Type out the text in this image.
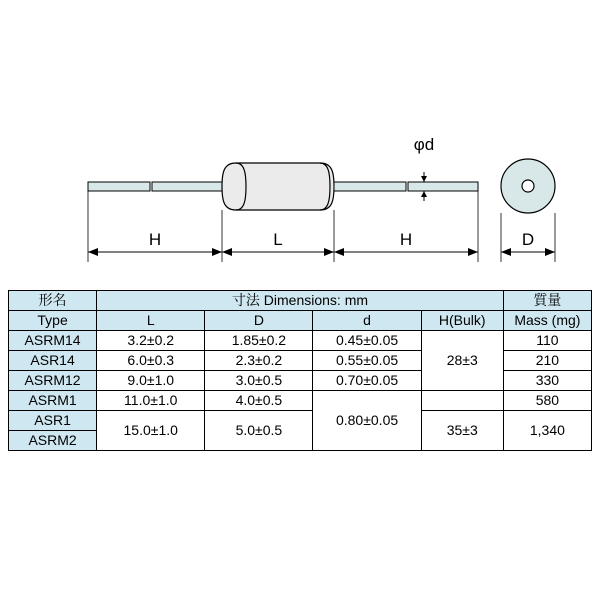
φd
H	L	H	D
形名	寸法 Dimensions: mm				質量
Type	L	D	d	H(Bulk)	Mass (mg)
ASRM14	3.2±0.2	1.85±0.2	0.45±0.05	28±3	110
ASR14	6.0±0.3	2.3±0.2	0.55±0.05		210
ASRM12	9.0±1.0	3.0±0.5	0.70±0.05		330
ASRM1	11.0±1.0	4.0±0.5	0.80±0.05		580
ASR1	15.0±1.0	5.0±0.5		35±3	1,340
ASRM2					
